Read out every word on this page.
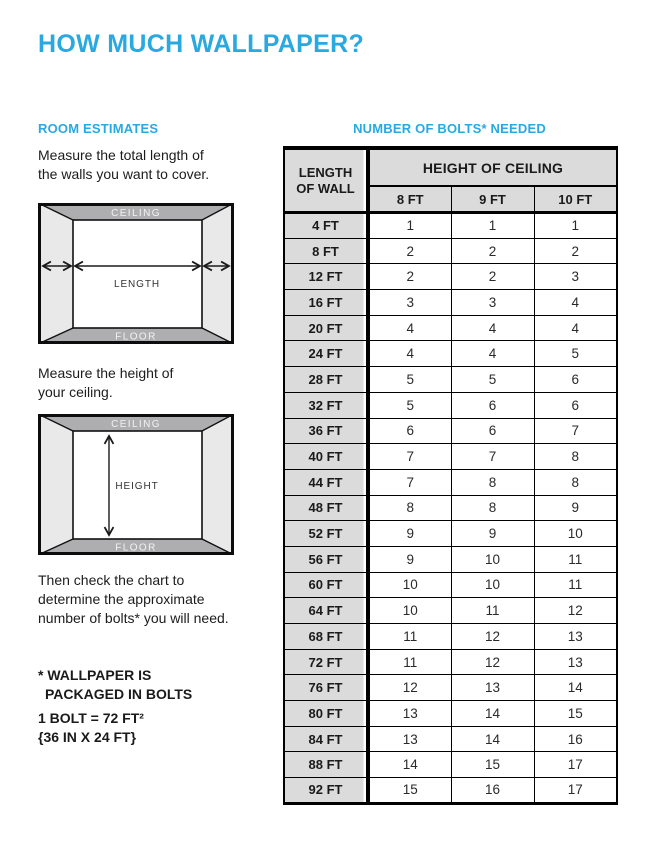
HOW MUCH WALLPAPER?
ROOM ESTIMATES	NUMBER OF BOLTS* NEEDED
Measure the total length of
the walls you want to cover.
CEILING
FLOOR
LENGTH
Measure the height of
your ceiling.
CEILING
FLOOR
HEIGHT
Then check the chart to
determine the approximate
number of bolts* you will need.
* WALLPAPER IS
PACKAGED IN BOLTS
1 BOLT = 72 FT²
{36 IN X 24 FT}
LENGTH
OF WALL	HEIGHT OF CEILING		
	8 FT	9 FT	10 FT
4 FT	1	1	1
8 FT	2	2	2
12 FT	2	2	3
16 FT	3	3	4
20 FT	4	4	4
24 FT	4	4	5
28 FT	5	5	6
32 FT	5	6	6
36 FT	6	6	7
40 FT	7	7	8
44 FT	7	8	8
48 FT	8	8	9
52 FT	9	9	10
56 FT	9	10	11
60 FT	10	10	11
64 FT	10	11	12
68 FT	11	12	13
72 FT	11	12	13
76 FT	12	13	14
80 FT	13	14	15
84 FT	13	14	16
88 FT	14	15	17
92 FT	15	16	17
